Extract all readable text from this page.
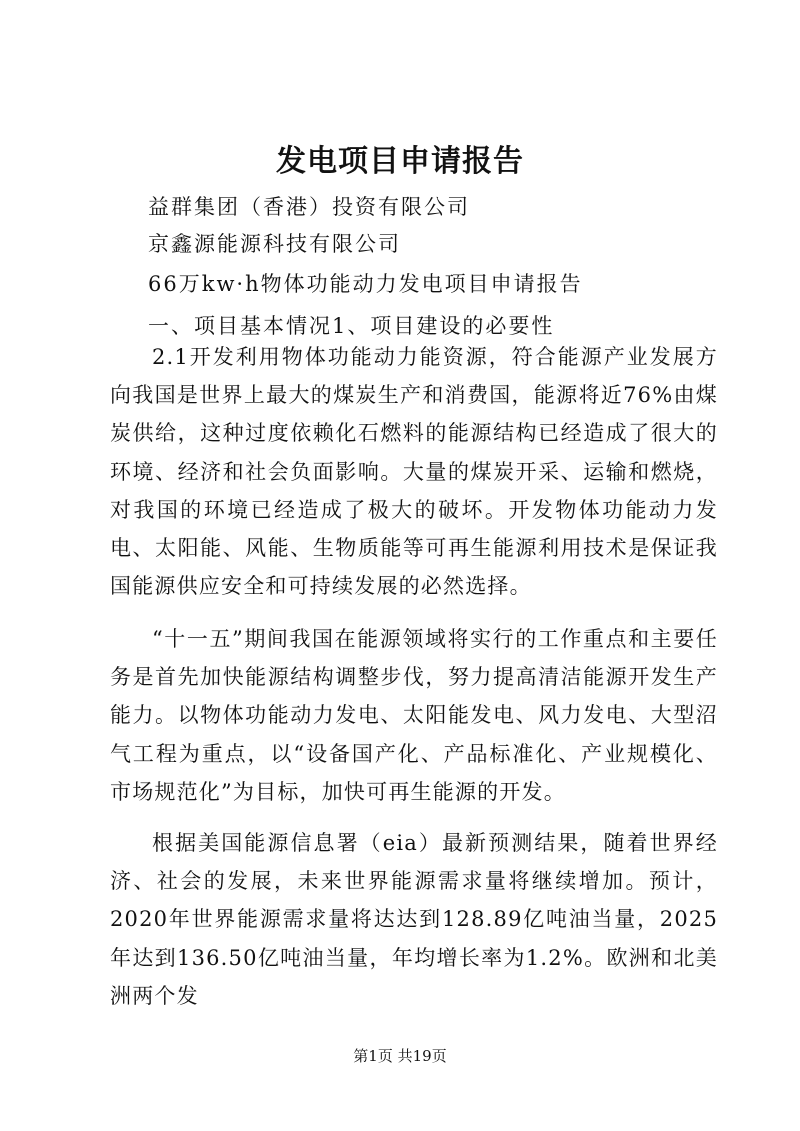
发电项目申请报告
益群集团（香港）投资有限公司
京鑫源能源科技有限公司
66万kw·h物体功能动力发电项目申请报告
一、项目基本情况1、项目建设的必要性

2.1开发利用物体功能动力能资源，符合能源产业发展方向我国是世界上最大的煤炭生产和消费国，能源将近76%由煤炭供给，这种过度依赖化石燃料的能源结构已经造成了很大的环境、经济和社会负面影响。大量的煤炭开采、运输和燃烧，对我国的环境已经造成了极大的破坏。开发物体功能动力发电、太阳能、风能、生物质能等可再生能源利用技术是保证我国能源供应安全和可持续发展的必然选择。

“十一五”期间我国在能源领域将实行的工作重点和主要任务是首先加快能源结构调整步伐，努力提高清洁能源开发生产能力。以物体功能动力发电、太阳能发电、风力发电、大型沼气工程为重点，以“设备国产化、产品标准化、产业规模化、市场规范化”为目标，加快可再生能源的开发。

根据美国能源信息署（eia）最新预测结果，随着世界经济、社会的发展，未来世界能源需求量将继续增加。预计，2020年世界能源需求量将达达到128.89亿吨油当量，2025年达到136.50亿吨油当量，年均增长率为1.2%。欧洲和北美洲两个发

第1页 共19页
